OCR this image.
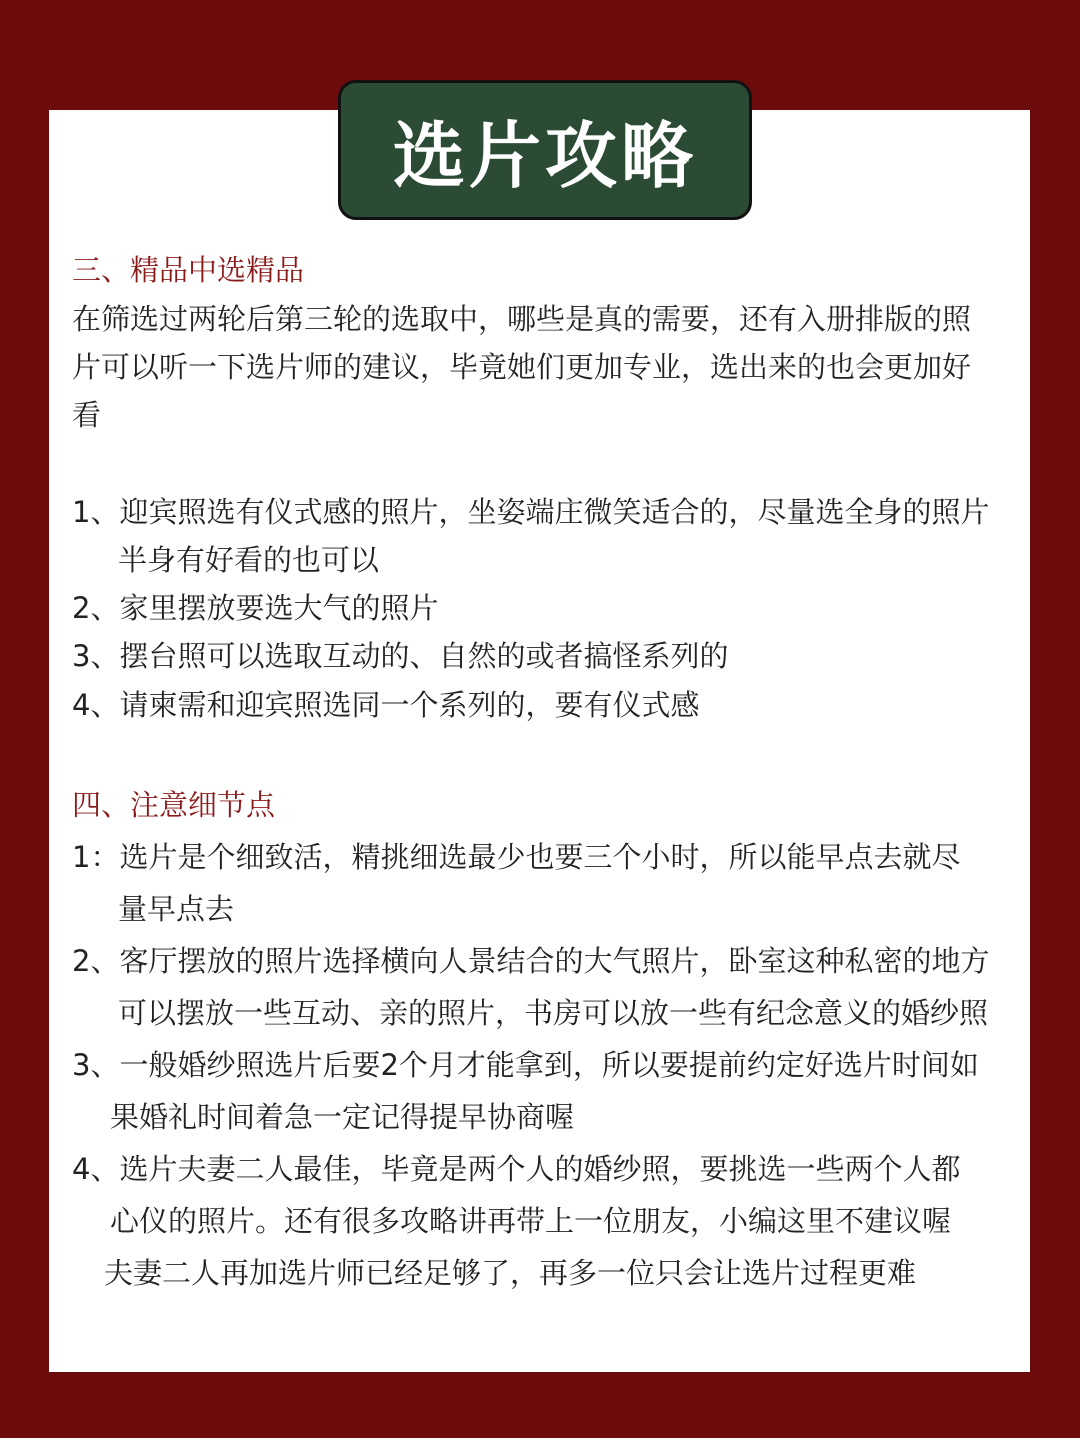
选片攻略

三、精品中选精品

在筛选过两轮后第三轮的选取中，哪些是真的需要，还有入册排版的照

片可以听一下选片师的建议，毕竟她们更加专业，选出来的也会更加好

看

1、迎宾照选有仪式感的照片，坐姿端庄微笑适合的，尽量选全身的照片

半身有好看的也可以

2、家里摆放要选大气的照片

3、摆台照可以选取互动的、自然的或者搞怪系列的

4、请柬需和迎宾照选同一个系列的，要有仪式感

四、注意细节点

1：选片是个细致活，精挑细选最少也要三个小时，所以能早点去就尽

量早点去

2、客厅摆放的照片选择横向人景结合的大气照片，卧室这种私密的地方

可以摆放一些互动、亲的照片，书房可以放一些有纪念意义的婚纱照

3、一般婚纱照选片后要2个月才能拿到，所以要提前约定好选片时间如

果婚礼时间着急一定记得提早协商喔

4、选片夫妻二人最佳，毕竟是两个人的婚纱照，要挑选一些两个人都

心仪的照片。还有很多攻略讲再带上一位朋友，小编这里不建议喔

夫妻二人再加选片师已经足够了，再多一位只会让选片过程更难
